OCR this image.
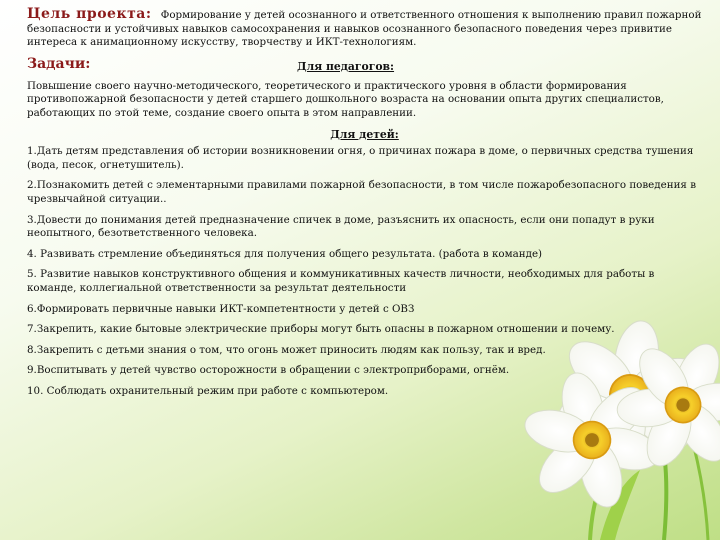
Цель проекта: Формирование у детей осознанного и ответственного отношения к выполнению правил пожарной безопасности и устойчивых навыков самосохранения и навыков осознанного безопасного поведения через привитие интереса к анимационному искусству, творчеству и ИКТ-технологиям.
Задачи:	Для педагогов:
Повышение своего научно-методического, теоретического и практического уровня в области формирования противопожарной безопасности у детей старшего дошкольного возраста на основании опыта других специалистов, работающих по этой теме, создание своего опыта в этом направлении.
Для детей:
1.Дать детям представления об истории возникновении огня, о причинах пожара в доме, о первичных средства тушения (вода, песок, огнетушитель).
2.Познакомить детей с элементарными правилами пожарной безопасности, в том числе пожаробезопасного поведения в чрезвычайной ситуации..
3.Довести до понимания детей предназначение спичек в доме, разъяснить их опасность, если они попадут в руки неопытного, безответственного человека.
4. Развивать стремление объединяться для получения общего результата. (работа в команде)
5. Развитие навыков конструктивного общения и коммуникативных качеств личности, необходимых для работы в команде, коллегиальной ответственности за результат деятельности
6.Формировать первичные навыки ИКТ-компетентности у детей с ОВЗ
7.Закрепить, какие бытовые электрические приборы могут быть опасны в пожарном отношении и почему.
8.Закрепить с детьми знания о том, что огонь может приносить людям как пользу, так и вред.
9.Воспитывать у детей чувство осторожности в обращении с электроприборами, огнём.
10. Соблюдать охранительный режим при работе с компьютером.
